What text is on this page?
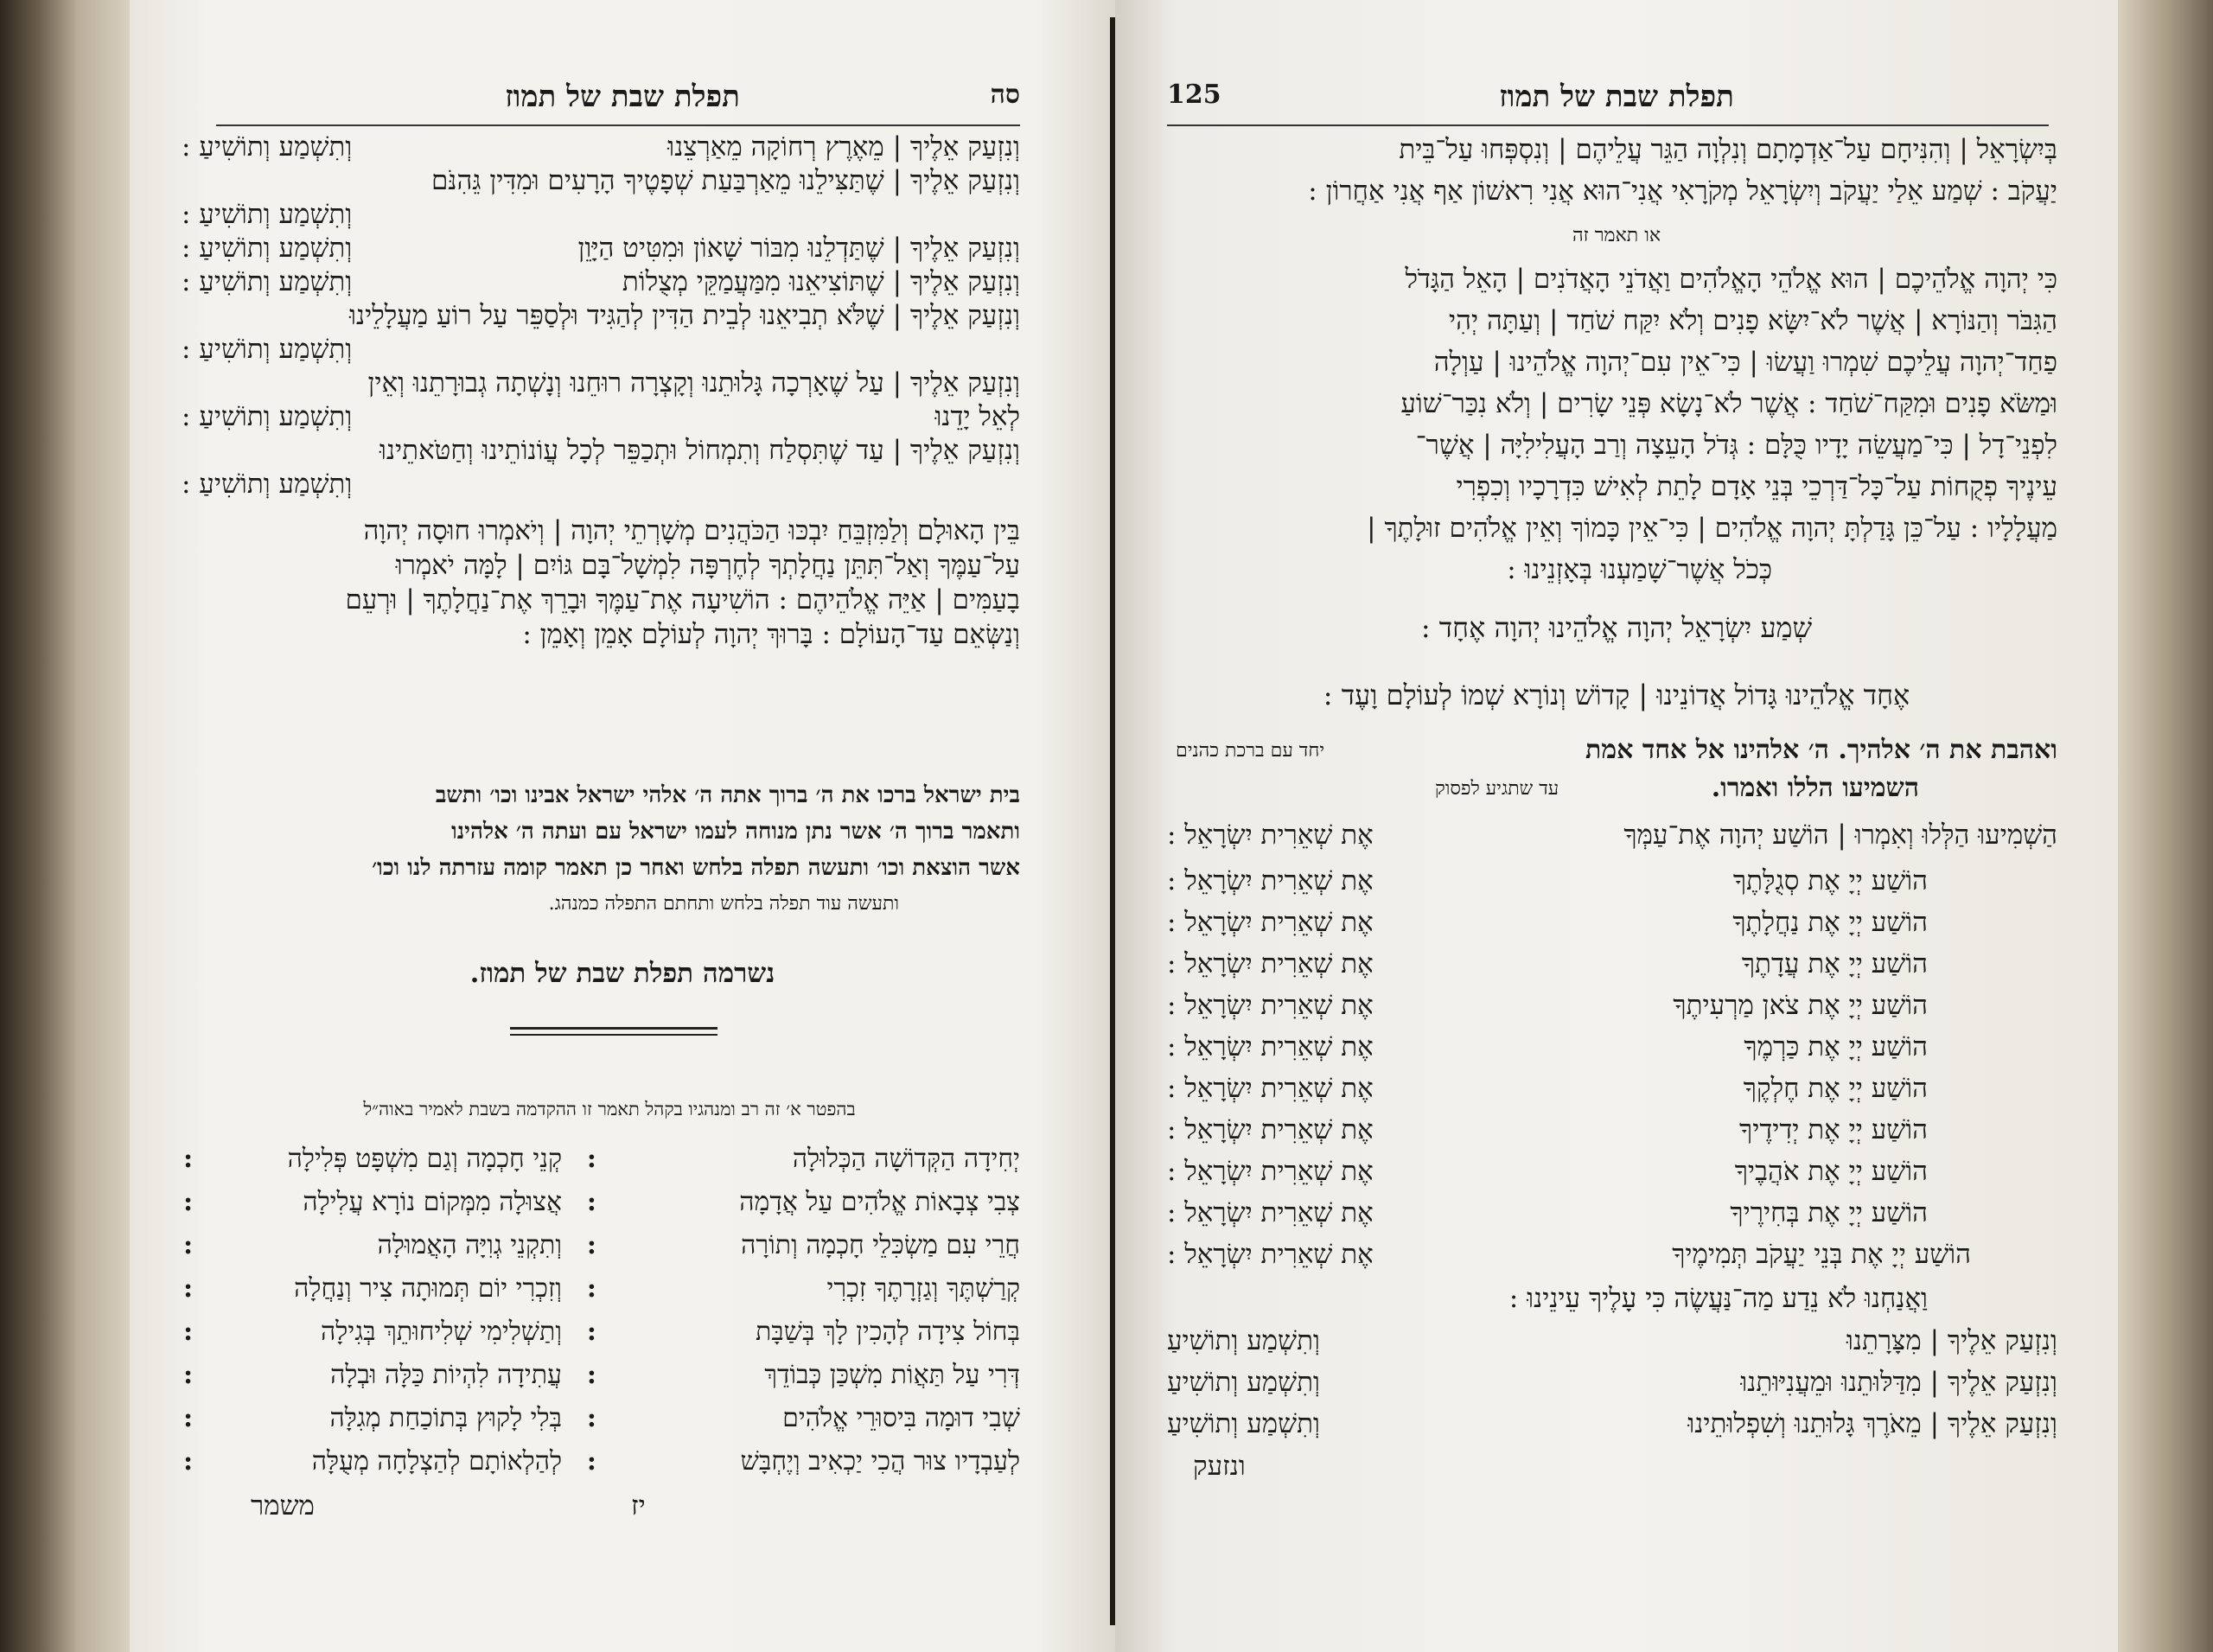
תפלת שבת של תמוז	סה
וְנִזְעַק אֵלֶיךָ | מֵאֶרֶץ רְחוֹקָה מֵאַרְצֵנוּ
וְתִשְׁמַע וְתוֹשִׁיעַ :
וְנִזְעַק אֵלֶיךָ | שֶׁתַּצִּילֵנוּ מֵאַרְבַּעַת שְׁפָטֶיךָ הָרָעִים וּמִדִּין גֵּהִנֹּם
וְתִשְׁמַע וְתוֹשִׁיעַ :
וְנִזְעַק אֵלֶיךָ | שֶׁתַּדְלֵנוּ מִבּוֹר שָׁאוֹן וּמִטִּיט הַיָּוֵן
וְתִשְׁמַע וְתוֹשִׁיעַ :
וְנִזְעַק אֵלֶיךָ | שֶׁתּוֹצִיאֵנוּ מִמַּעֲמַקֵּי מְצֻלוֹת
וְתִשְׁמַע וְתוֹשִׁיעַ :
וְנִזְעַק אֵלֶיךָ | שֶׁלֹּא תְבִיאֵנוּ לְבֵית הַדִּין לְהַגִּיד וּלְסַפֵּר עַל רוֹעַ מַעֲלָלֵינוּ
וְתִשְׁמַע וְתוֹשִׁיעַ :
וְנִזְעַק אֵלֶיךָ | עַל שֶׁאָרְכָה גָּלוּתֵנוּ וְקָצְרָה רוּחֵנוּ וְנָשְׁתָה גְבוּרָתֵנוּ וְאֵין
לְאֵל יָדֵנוּ
וְתִשְׁמַע וְתוֹשִׁיעַ :
וְנִזְעַק אֵלֶיךָ | עַד שֶׁתִּסְלַח וְתִמְחוֹל וּתְכַפֵּר לְכָל עֲוֹנוֹתֵינוּ וְחַטֹּאתֵינוּ
וְתִשְׁמַע וְתוֹשִׁיעַ :
בֵּין הָאוּלָם וְלַמִּזְבֵּחַ יִבְכּוּ הַכֹּהֲנִים מְשָׁרְתֵי יְהוָה | וְיֹאמְרוּ חוּסָה יְהוָה
עַל־עַמֶּךָ וְאַל־תִּתֵּן נַחֲלָתְךָ לְחֶרְפָּה לִמְשָׁל־בָּם גּוֹיִם | לָמָּה יֹאמְרוּ
בָעַמִּים | אַיֵּה אֱלֹהֵיהֶם : הוֹשִׁיעָה אֶת־עַמֶּךָ וּבָרֵךְ אֶת־נַחֲלָתֶךָ | וּרְעֵם
וְנַשְּׂאֵם עַד־הָעוֹלָם : בָּרוּךְ יְהוָה לְעוֹלָם אָמֵן וְאָמֵן :
בית ישראל ברכו את ה׳ ברוך אתה ה׳ אלהי ישראל אבינו וכו׳ ותשב
ותאמר ברוך ה׳ אשר נתן מנוחה לעמו ישראל עם ועתה ה׳ אלהינו
אשר הוצאת וכו׳ ותעשה תפלה בלחש ואחר כן תאמר קומה עזרתה לנו וכו׳
ותעשה עוד תפלה בלחש ותחתם התפלה כמנהג.
נשרמה תפלת שבת של תמוז.
בהפטר א׳ זה רב ומנהגיו בקהל תאמר זו ההקדמה בשבת לאמיר באוה״ל
יְחִידָה הַקְּדוֹשָׁה הַכְּלוּלָה
:
קְנֵי חָכְמָה וְגַם מִשְׁפָּט פְּלִילָה
:
צְבִי צְבָאוֹת אֱלֹהִים עַל אֲדָמָה
:
אֲצוּלָה מִמְּקוֹם נוֹרָא עֲלִילָה
:
חֲרֵי עִם מַשְׂכִּלֵי חָכְמָה וְתוֹרָה
:
וְתִקְנֵי גְוִיָּה הָאֲמוּלָה
:
קְרַשְׁתֶּךָ וְגַזְרָתֶךָ זִכְרִי
:
וְזִכְרִי יוֹם תְּמוּתָה צִיר וְנַחֲלָה
:
בְּחוֹל צִידָה לְהָכִין לָךְ בְּשַׁבָּת
:
וְתַשְׁלִימִי שְׁלִיחוּתֵךְ בְּגִילָה
:
דְּרִי עַל תַּאֲוֹת מִשְׁכַּן כְּבוֹדֵךְ
:
עֲתִידָה לִהְיוֹת כַּלָּה וּבְלָה
:
שְׁבִי דוּמָה בִּיסוּרֵי אֱלֹהִים
:
בְּלִי לָקוּץ בְּתוֹכַחַת מְגִלָּה
:
לְעַבְדָיו צוּר הֲכִי יַכְאִיב וְיֶחְבָּשׁ
:
לְהַלְאוֹתָם לְהַצְלָחָה מְעֻלָּה
:
משמר	יז
תפלת שבת של תמוז
125
בְּיִשְׂרָאֵל | וְהִנִּיחָם עַל־אַדְמָתָם וְנִלְוָה הַגֵּר עֲלֵיהֶם | וְנִסְפְּחוּ עַל־בֵּית
יַעֲקֹב : שְׁמַע אֵלַי יַעֲקֹב וְיִשְׂרָאֵל מְקֹרָאִי אֲנִי־הוּא אֲנִי רִאשׁוֹן אַף אֲנִי אַחֲרוֹן :
או תאמר זה
כִּי יְהוָה אֱלֹהֵיכֶם | הוּא אֱלֹהֵי הָאֱלֹהִים וַאֲדֹנֵי הָאֲדֹנִים | הָאֵל הַגָּדֹל
הַגִּבֹּר וְהַנּוֹרָא | אֲשֶׁר לֹא־יִשָּׂא פָנִים וְלֹא יִקַּח שֹׁחַד | וְעַתָּה יְהִי
פַחַד־יְהוָה עֲלֵיכֶם שִׁמְרוּ וַעֲשׂוּ | כִּי־אֵין עִם־יְהוָה אֱלֹהֵינוּ | עַוְלָה
וּמַשֹּׂא פָנִים וּמִקַּח־שֹׁחַד : אֲשֶׁר לֹא־נָשָׂא פְּנֵי שָׂרִים | וְלֹא נִכַּר־שׁוֹעַ
לִפְנֵי־דָל | כִּי־מַעֲשֵׂה יָדָיו כֻּלָּם : גְּדֹל הָעֵצָה וְרַב הָעֲלִילִיָּה | אֲשֶׁר־
עֵינֶיךָ פְקֻחוֹת עַל־כָּל־דַּרְכֵי בְּנֵי אָדָם לָתֵת לְאִישׁ כִּדְרָכָיו וְכִפְרִי
מַעֲלָלָיו : עַל־כֵּן גָּדַלְתָּ יְהוָה אֱלֹהִים | כִּי־אֵין כָּמוֹךָ וְאֵין אֱלֹהִים זוּלָתֶךָ |
כְּכֹל אֲשֶׁר־שָׁמַעְנוּ בְּאָזְנֵינוּ :
שְׁמַע יִשְׂרָאֵל יְהוָה אֱלֹהֵינוּ יְהוָה אֶחָד :
אֶחָד אֱלֹהֵינוּ גָּדוֹל אֲדוֹנֵינוּ | קָדוֹשׁ וְנוֹרָא שְׁמוֹ לְעוֹלָם וָעֶד :
ואהבת את ה׳ אלהיך. ה׳ אלהינו אל אחד אמת
יחד עם ברכת כהנים
השמיעו הללו ואמרו.
עד שתגיע לפסוק
הַשְׁמִיעוּ הַלְּלוּ וְאִמְרוּ | הוֹשַׁע יְהוָה אֶת־עַמְּךָ
אֶת שְׁאֵרִית יִשְׂרָאֵל :
הוֹשַׁע יְיָ אֶת סְגֻלָּתֶךָ
אֶת שְׁאֵרִית יִשְׂרָאֵל :
הוֹשַׁע יְיָ אֶת נַחֲלָתֶךָ
אֶת שְׁאֵרִית יִשְׂרָאֵל :
הוֹשַׁע יְיָ אֶת עֲדָתֶךָ
אֶת שְׁאֵרִית יִשְׂרָאֵל :
הוֹשַׁע יְיָ אֶת צֹאן מַרְעִיתֶךָ
אֶת שְׁאֵרִית יִשְׂרָאֵל :
הוֹשַׁע יְיָ אֶת כַּרְמֶךָ
אֶת שְׁאֵרִית יִשְׂרָאֵל :
הוֹשַׁע יְיָ אֶת חֶלְקֶךָ
אֶת שְׁאֵרִית יִשְׂרָאֵל :
הוֹשַׁע יְיָ אֶת יְדִידֶיךָ
אֶת שְׁאֵרִית יִשְׂרָאֵל :
הוֹשַׁע יְיָ אֶת אֹהֲבֶיךָ
אֶת שְׁאֵרִית יִשְׂרָאֵל :
הוֹשַׁע יְיָ אֶת בְּחִירֶיךָ
אֶת שְׁאֵרִית יִשְׂרָאֵל :
הוֹשַׁע יְיָ אֶת בְּנֵי יַעֲקֹב תְּמִימֶיךָ
אֶת שְׁאֵרִית יִשְׂרָאֵל :
וַאֲנַחְנוּ לֹא נֵדַע מַה־נַּעֲשֶׂה כִּי עָלֶיךָ עֵינֵינוּ :
וְנִזְעַק אֵלֶיךָ | מִצָּרָתֵנוּ
וְתִשְׁמַע וְתוֹשִׁיעַ
וְנִזְעַק אֵלֶיךָ | מִדַּלּוּתֵנוּ וּמֵעֲנִיּוּתֵנוּ
וְתִשְׁמַע וְתוֹשִׁיעַ
וְנִזְעַק אֵלֶיךָ | מֵאֹרֶךְ גָּלוּתֵנוּ וְשִׁפְלוּתֵינוּ
וְתִשְׁמַע וְתוֹשִׁיעַ
ונזעק
